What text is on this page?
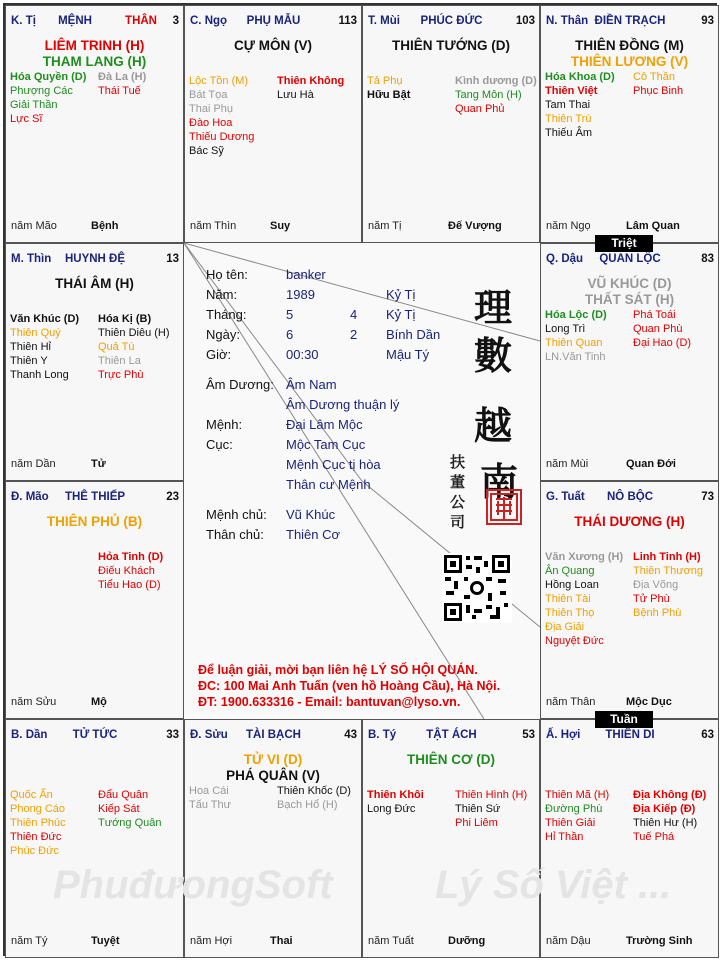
K. Tị	MỆNH	THÂN 3
LIÊM TRINH (H)
THAM LANG (H)
Hóa Quyền (D)
Phượng Các
Giải Thần
Lực Sĩ
Đà La (H)
Thái Tuế
năm Mão	Bệnh
C. Ngọ	PHỤ MẪU	113
CỰ MÔN (V)
Lộc Tồn (M)
Bát Tọa
Thai Phụ
Đào Hoa
Thiếu Dương
Bác Sỹ
Thiên Không
Lưu Hà
năm Thìn	Suy
T. Mùi	PHÚC ĐỨC	103
THIÊN TƯỚNG (D)
Tả Phụ
Hữu Bật
Kình dương (D)
Tang Môn (H)
Quan Phủ
năm Tị	Đế Vượng
N. Thân ĐIỀN TRẠCH	93
THIÊN ĐỒNG (M)
THIÊN LƯƠNG (V)
Hóa Khoa (D)
Thiên Việt
Tam Thai
Thiên Trù
Thiếu Âm
Cô Thần
Phục Binh
năm Ngọ	Lâm Quan
M. Thìn	HUYNH ĐỆ	13
THÁI ÂM (H)
Văn Khúc (D)
Thiên Quý
Thiên Hỉ
Thiên Y
Thanh Long
Hóa Kị (B)
Thiên Diêu (H)
Quả Tú
Thiên La
Trực Phù
năm Dần	Tử
Q. Dậu	QUAN LỘC	83
VŨ KHÚC (D)
THẤT SÁT (H)
Hóa Lộc (D)
Long Trì
Thiên Quan
LN.Văn Tinh
Phá Toái
Quan Phù
Đại Hao (D)
năm Mùi	Quan Đới
Đ. Mão	THÊ THIẾP	23
THIÊN PHỦ (B)
Hỏa Tinh (D)
Điếu Khách
Tiểu Hao (D)
năm Sửu	Mộ
G. Tuất	NÔ BỘC	73
THÁI DƯƠNG (H)
Văn Xương (H)
Ân Quang
Hồng Loan
Thiên Tài
Thiên Thọ
Địa Giải
Nguyệt Đức
Linh Tinh (H)
Thiên Thương
Địa Võng
Tử Phù
Bệnh Phù
năm Thân	Mộc Dục
B. Dần	TỬ TỨC	33
Quốc Ấn
Phong Cáo
Thiên Phúc
Thiên Đức
Phúc Đức
Đẩu Quân
Kiếp Sát
Tướng Quân
năm Tý	Tuyệt
Đ. Sửu	TÀI BẠCH	43
TỬ VI (D)
PHÁ QUÂN (V)
Hoa Cái
Tấu Thư
Thiên Khốc (D)
Bạch Hổ (H)
năm Hợi	Thai
B. Tý	TẬT ÁCH	53
THIÊN CƠ (D)
Thiên Khôi
Long Đức
Thiên Hình (H)
Thiên Sứ
Phi Liêm
năm Tuất	Dưỡng
Ấ. Hợi	THIÊN DI	63
Thiên Mã (H)
Đường Phù
Thiên Giải
Hỉ Thần
Địa Không (Đ)
Địa Kiếp (Đ)
Thiên Hư (H)
Tuế Phá
năm Dậu	Trường Sinh
Họ tên:	banker
Năm:	1989	Kỷ Tị
Tháng:	5	4 Kỷ Tị
Ngày:	6	2 Bính Dần
Giờ:	00:30	Mậu Tý
Âm Dương: Âm Nam
Âm Dương thuận lý
Mệnh:	Đại Lâm Mộc
Cục:	Mộc Tam Cục
Mệnh Cục tị hòa
Thân cư Mệnh
Mệnh chủ: Vũ Khúc
Thân chủ: Thiên Cơ
理
數
越
南
扶
董
公
司
Để luận giải, mời bạn liên hệ LÝ SỐ HỘI QUÁN.
ĐC: 100 Mai Anh Tuấn (ven hồ Hoàng Cầu), Hà Nội.
ĐT: 1900.633316 - Email: bantuvan@lyso.vn.
PhuđưongSoft	Lý Số Việt ...
Triệt
Tuần
